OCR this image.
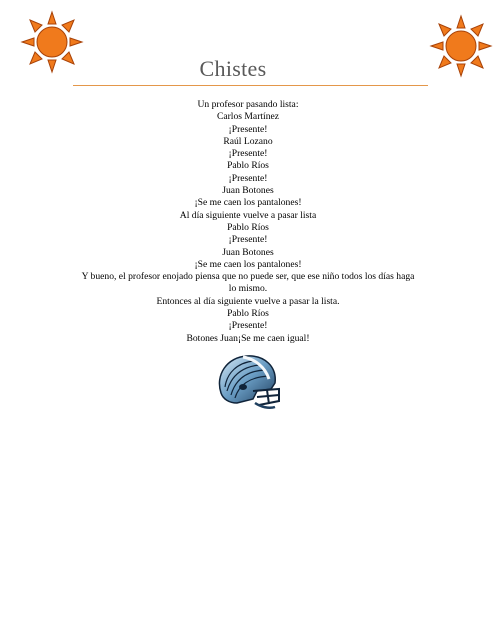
Chistes
Un profesor pasando lista:
Carlos Martínez
¡Presente!
Raúl Lozano
¡Presente!
Pablo Ríos
¡Presente!
Juan Botones
¡Se me caen los pantalones!
Al día siguiente vuelve a pasar lista
Pablo Ríos
¡Presente!
Juan Botones
¡Se me caen los pantalones!
Y bueno, el profesor enojado piensa que no puede ser, que ese niño todos los días haga
lo mismo.
Entonces al día siguiente vuelve a pasar la lista.
Pablo Ríos
¡Presente!
Botones Juan¡Se me caen igual!
